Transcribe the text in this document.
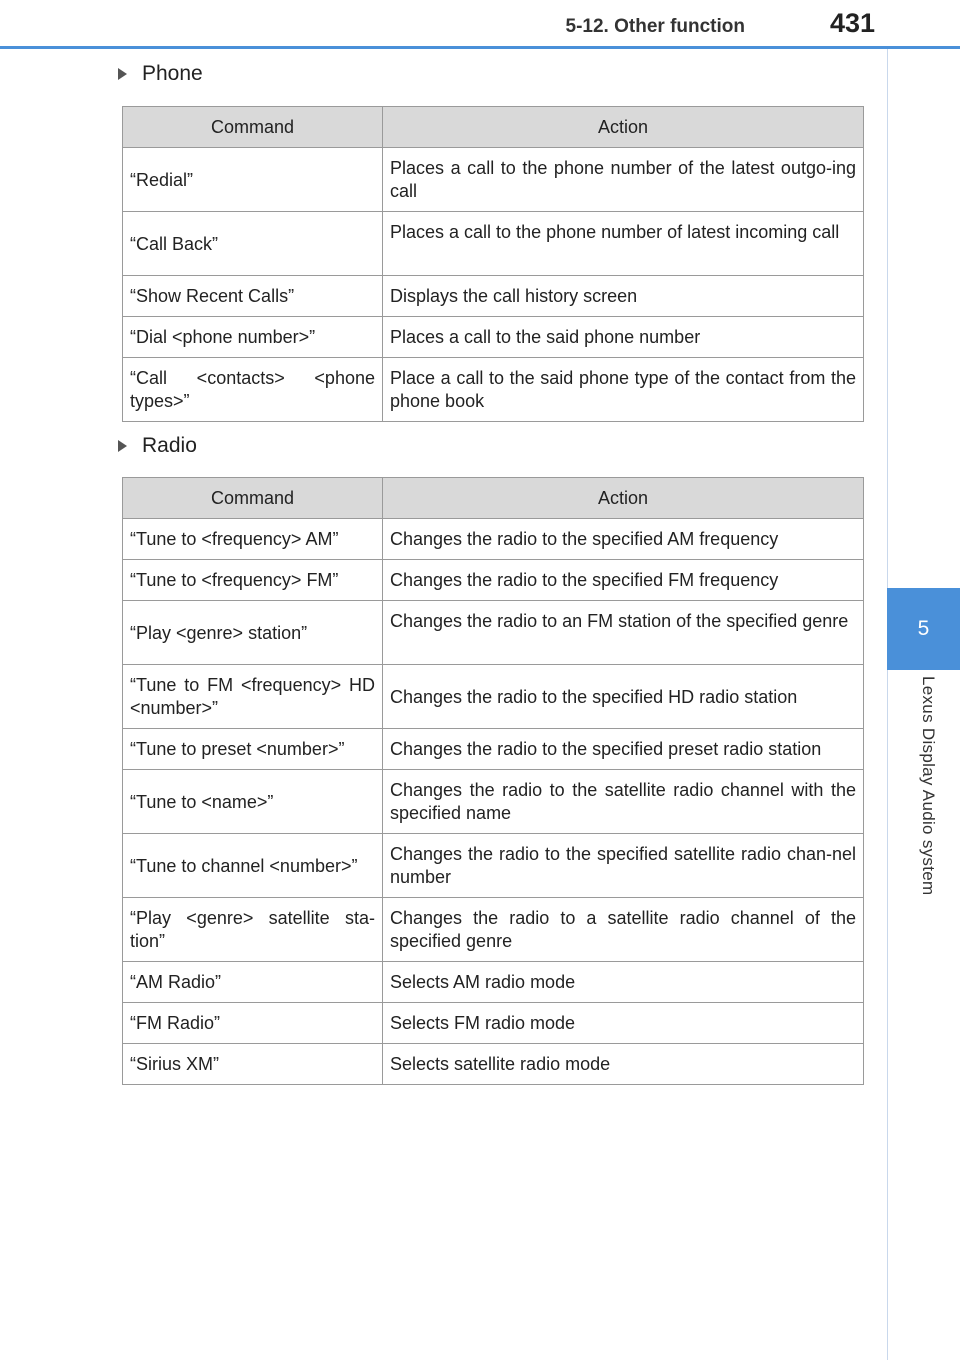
5-12. Other function	431
5
Lexus Display Audio system
Phone
Command	Action
“Redial”	Places a call to the phone number of the latest outgo-ing call
“Call Back”	Places a call to the phone number of latest incoming call
“Show Recent Calls”	Displays the call history screen
“Dial <phone number>”	Places a call to the said phone number
“Call <contacts> <phone types>”	Place a call to the said phone type of the contact from the phone book
Radio
Command	Action
“Tune to <frequency> AM”	Changes the radio to the specified AM frequency
“Tune to <frequency> FM”	Changes the radio to the specified FM frequency
“Play <genre> station”	Changes the radio to an FM station of the specified genre
“Tune to FM <frequency> HD <number>”	Changes the radio to the specified HD radio station
“Tune to preset <number>”	Changes the radio to the specified preset radio station
“Tune to <name>”	Changes the radio to the satellite radio channel with the specified name
“Tune to channel <number>”	Changes the radio to the specified satellite radio chan-nel number
“Play <genre> satellite sta-tion”	Changes the radio to a satellite radio channel of the specified genre
“AM Radio”	Selects AM radio mode
“FM Radio”	Selects FM radio mode
“Sirius XM”	Selects satellite radio mode
